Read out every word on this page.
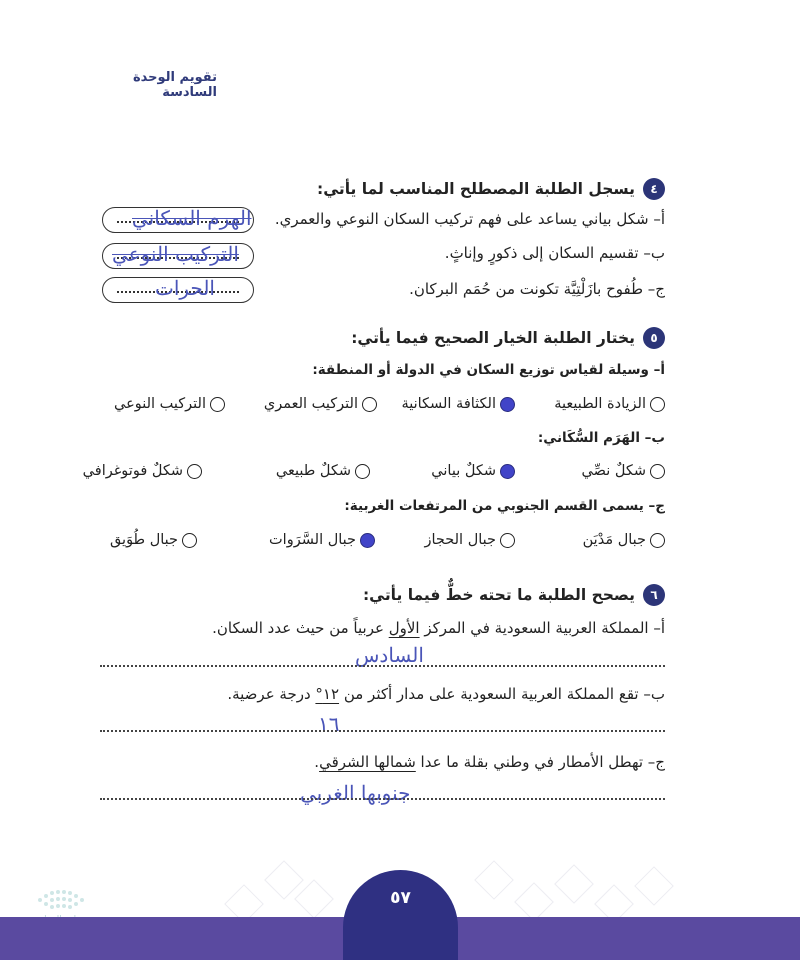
تقويم الوحدة السادسة
٤
يسجل الطلبة المصطلح المناسب لما يأتي:
أ– شكل بياني يساعد على فهم تركيب السكان النوعي والعمري.
الهرم السكاني
ب– تقسيم السكان إلى ذكورٍ وإناثٍ.
التركيب النوعي
ج– طُفوح بازَلْتِيَّة تكونت من حُمَم البركان.
الحرات
٥
يختار الطلبة الخيار الصحيح فيما يأتي:
أ– وسيلة لقياس توزيع السكان في الدولة أو المنطقة:
الزيادة الطبيعية
الكثافة السكانية
التركيب العمري
التركيب النوعي
ب– الهَرَم السُّكَاني:
شكلٌ نصِّي
شكلٌ بياني
شكلٌ طبيعي
شكلٌ فوتوغرافي
ج– يسمى القسم الجنوبي من المرتفعات الغربية:
جبال مَدْيَن
جبال الحجاز
جبال السَّرَوات
جبال طُوَيق
٦
يصحح الطلبة ما تحته خطٌّ فيما يأتي:
أ– المملكة العربية السعودية في المركز الأول عربياً من حيث عدد السكان.
السادس
ب– تقع المملكة العربية السعودية على مدار أكثر من ١٢° درجة عرضية.
١٦
ج– تهطل الأمطار في وطني بقلة ما عدا شمالها الشرقي.
جنوبها الغربي
٥٧
